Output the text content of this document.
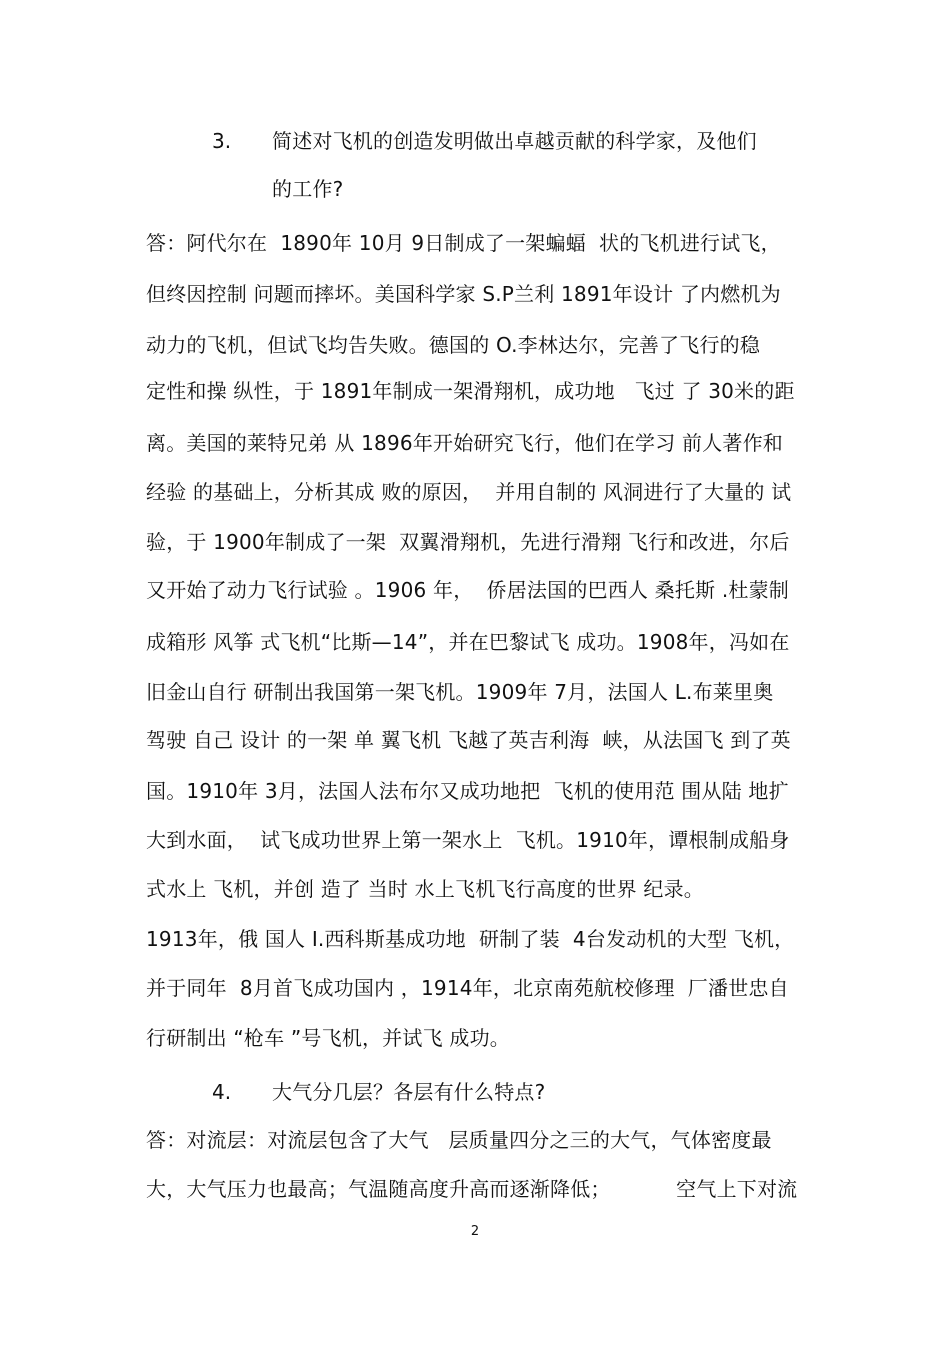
3. 简述对飞机的创造发明做出卓越贡献的科学家，及他们
的工作?
答：阿代尔在  1890年 10月 9日制成了一架蝙蝠  状的飞机进行试飞，
但终因控制 问题而摔坏。美国科学家 S.P兰利 1891年设计 了内燃机为
动力的飞机，但试飞均告失败。德国的 O.李林达尔，完善了飞行的稳
定性和操 纵性，于 1891年制成一架滑翔机，成功地   飞过 了 30米的距
离。美国的莱特兄弟 从 1896年开始研究飞行，他们在学习 前人著作和
经验 的基础上，分析其成 败的原因，  并用自制的 风洞进行了大量的 试
验，于 1900年制成了一架  双翼滑翔机，先进行滑翔 飞行和改进，尔后
又开始了动力飞行试验 。1906 年，  侨居法国的巴西人 桑托斯 .杜蒙制
成箱形 风筝 式飞机“比斯—14”，并在巴黎试飞 成功。1908年，冯如在
旧金山自行 研制出我国第一架飞机。1909年 7月，法国人 L.布莱里奥
驾驶 自己 设计 的一架 单 翼飞机 飞越了英吉利海  峡，从法国飞 到了英
国。1910年 3月，法国人法布尔又成功地把  飞机的使用范 围从陆 地扩
大到水面，  试飞成功世界上第一架水上  飞机。1910年，谭根制成船身
式水上 飞机，并创 造了 当时 水上飞机飞行高度的世界 纪录。
1913年，俄 国人 I.西科斯基成功地  研制了装  4台发动机的大型 飞机，
并于同年  8月首飞成功国内 ，1914年，北京南苑航校修理  厂潘世忠自
行研制出 “枪车 ”号飞机，并试飞 成功。
4. 大气分几层？各层有什么特点?
答：对流层：对流层包含了大气   层质量四分之三的大气，气体密度最
大，大气压力也最高；气温随高度升高而逐渐降低；          空气上下对流
2
